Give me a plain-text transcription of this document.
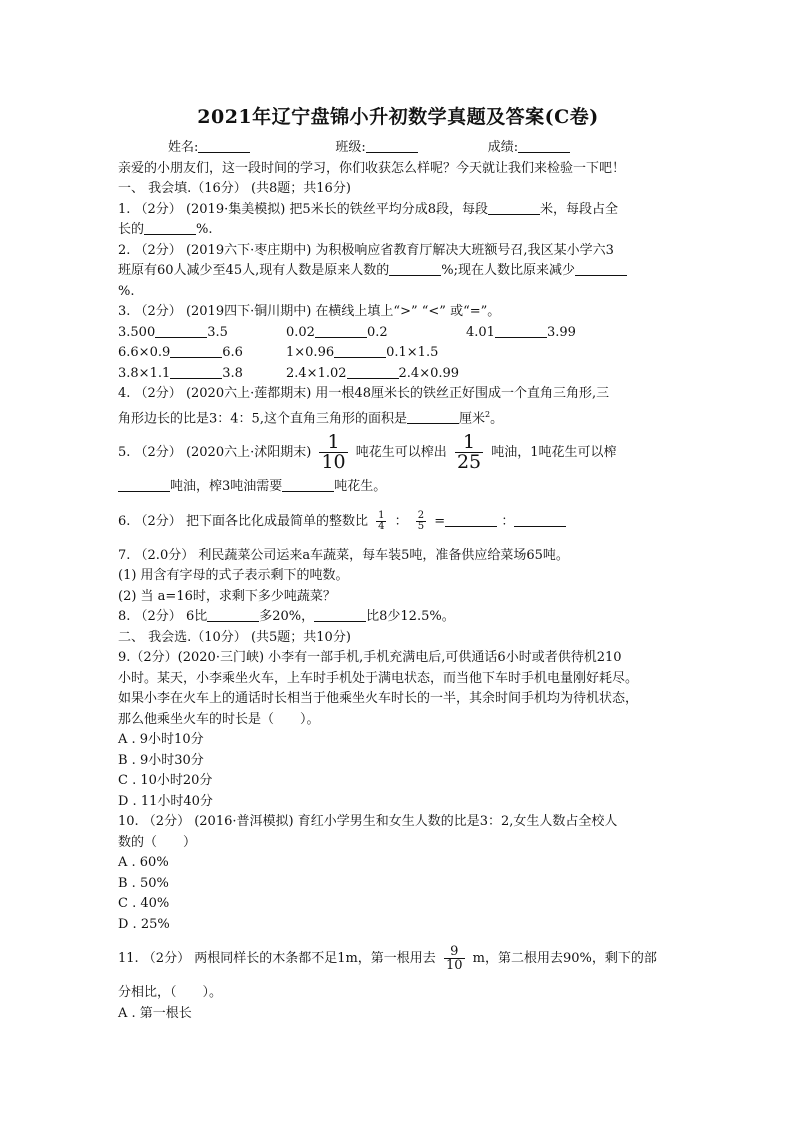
2021年辽宁盘锦小升初数学真题及答案(C卷)
姓名:	班级:	成绩:
亲爱的小朋友们，这一段时间的学习，你们收获怎么样呢？今天就让我们来检验一下吧！
一、 我会填.（16分） (共8题；共16分)
1. （2分） (2019·集美模拟) 把5米长的铁丝平均分成8段，每段	米，每段占全
长的	%.
2. （2分） (2019六下·枣庄期中) 为积极响应省教育厅解决大班额号召,我区某小学六3
班原有60人减少至45人,现有人数是原来人数的	%;现在人数比原来减少
%.
3. （2分） (2019四下·铜川期中) 在横线上填上“>” “<” 或“=”。
3.500	3.5	0.02	0.2	4.01	3.99
6.6×0.9	6.6	1×0.96	0.1×1.5
3.8×1.1	3.8	2.4×1.02	2.4×0.99
4. （2分） (2020六上·莲都期末) 用一根48厘米长的铁丝正好围成一个直角三角形,三
角形边长的比是3：4：5,这个直角三角形的面积是	厘米$^2$。
5. （2分） (2020六上·沭阳期末) $\frac{1}{10}$ 吨花生可以榨出 $\frac{1}{25}$ 吨油，1吨花生可以榨
吨油，榨3吨油需要	吨花生。
6. （2分） 把下面各比化成最简单的整数比 $\frac{1}{4}$ ： $\frac{2}{5}$ =	：
7. （2.0分） 利民蔬菜公司运来a车蔬菜，每车装5吨，准备供应给菜场65吨。
(1) 用含有字母的式子表示剩下的吨数。
(2) 当 a=16时，求剩下多少吨蔬菜？
8. （2分） 6比	多20%，	比8少12.5%。
二、 我会选.（10分） (共5题；共10分)
9.（2分）(2020·三门峡) 小李有一部手机,手机充满电后,可供通话6小时或者供待机210
小时。某天，小李乘坐火车，上车时手机处于满电状态，而当他下车时手机电量刚好耗尽。
如果小李在火车上的通话时长相当于他乘坐火车时长的一半，其余时间手机均为待机状态，
那么他乘坐火车的时长是（　　）。
A . 9小时10分
B . 9小时30分
C . 10小时20分
D . 11小时40分
10. （2分） (2016·普洱模拟) 育红小学男生和女生人数的比是3：2,女生人数占全校人
数的（　　）
A . 60%
B . 50%
C . 40%
D . 25%
11. （2分） 两根同样长的木条都不足1m，第一根用去 $\frac{9}{10}$ m，第二根用去90%，剩下的部
分相比，（　　）。
A . 第一根长
